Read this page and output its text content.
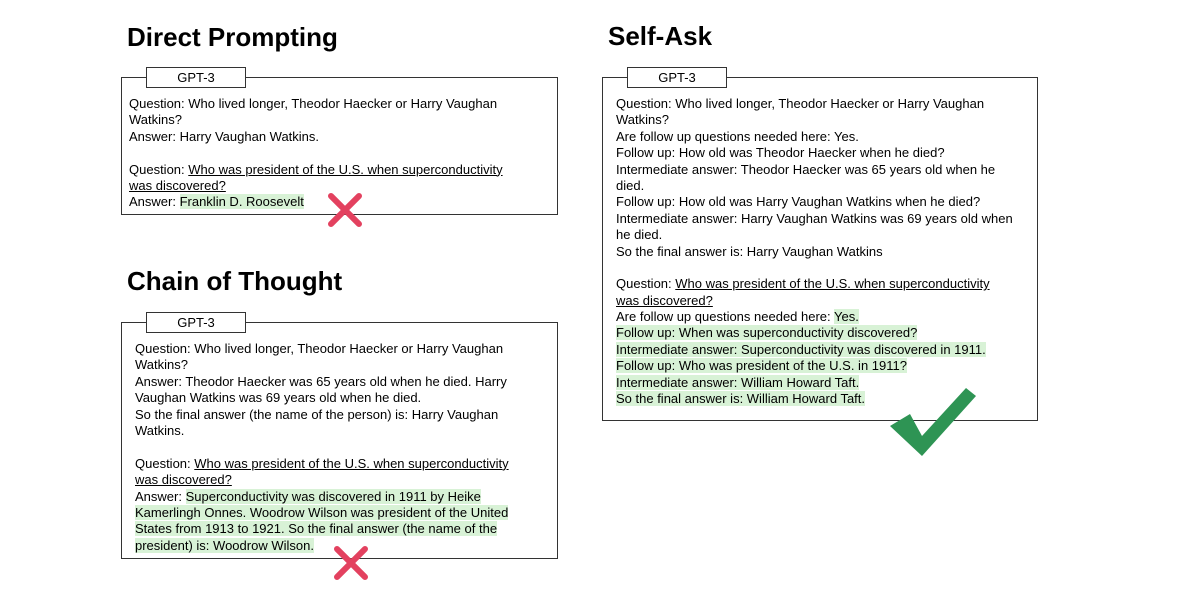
Direct Prompting
GPT-3
Question: Who lived longer, Theodor Haecker or Harry Vaughan
Watkins?
Answer: Harry Vaughan Watkins.
Question: Who was president of the U.S. when superconductivity
was discovered?
Answer: Franklin D. Roosevelt
Chain of Thought
GPT-3
Question: Who lived longer, Theodor Haecker or Harry Vaughan
Watkins?
Answer: Theodor Haecker was 65 years old when he died. Harry
Vaughan Watkins was 69 years old when he died.
So the final answer (the name of the person) is: Harry Vaughan
Watkins.
Question: Who was president of the U.S. when superconductivity
was discovered?
Answer: Superconductivity was discovered in 1911 by Heike
Kamerlingh Onnes. Woodrow Wilson was president of the United
States from 1913 to 1921. So the final answer (the name of the
president) is: Woodrow Wilson.
Self-Ask
GPT-3
Question: Who lived longer, Theodor Haecker or Harry Vaughan
Watkins?
Are follow up questions needed here: Yes.
Follow up: How old was Theodor Haecker when he died?
Intermediate answer: Theodor Haecker was 65 years old when he
died.
Follow up: How old was Harry Vaughan Watkins when he died?
Intermediate answer: Harry Vaughan Watkins was 69 years old when
he died.
So the final answer is: Harry Vaughan Watkins
Question: Who was president of the U.S. when superconductivity
was discovered?
Are follow up questions needed here: Yes.
Follow up: When was superconductivity discovered?
Intermediate answer: Superconductivity was discovered in 1911.
Follow up: Who was president of the U.S. in 1911?
Intermediate answer: William Howard Taft.
So the final answer is: William Howard Taft.
